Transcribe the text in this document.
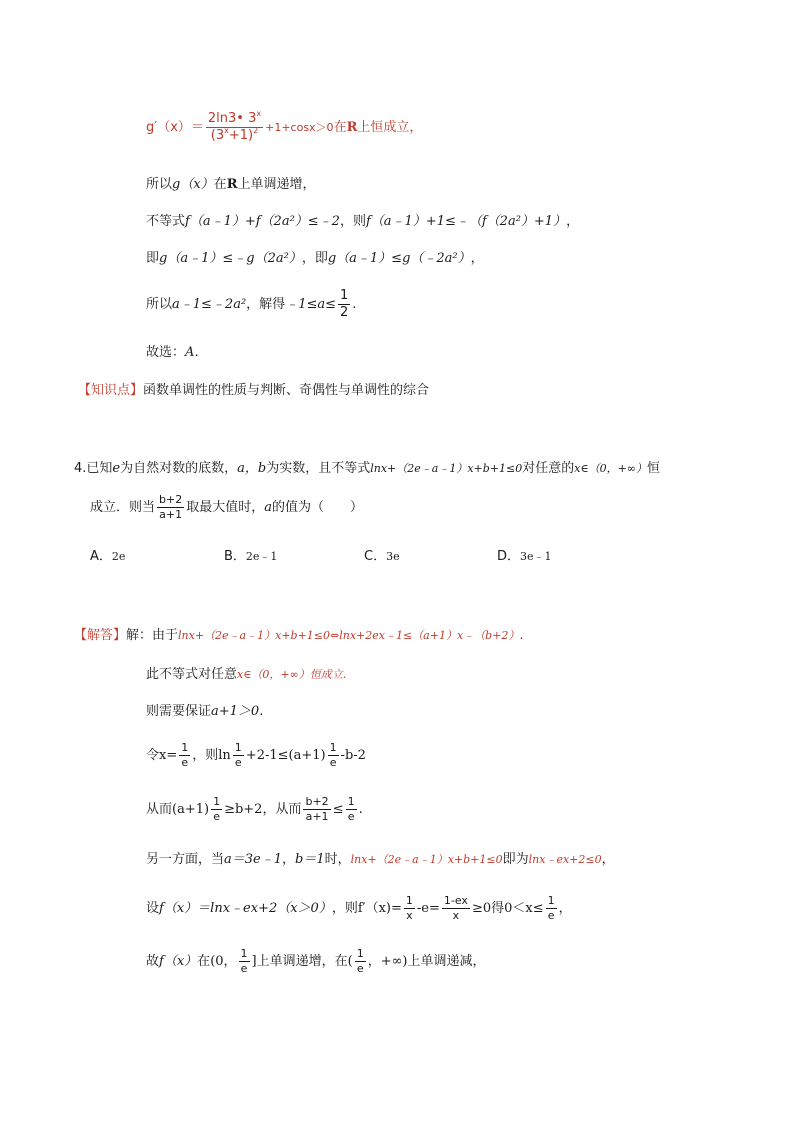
$g'(x)= \frac{2\ln 3• 3^x}{(3^x+1)^2} +1+\cos x>0$ 在 R 上恒成立，
所以 g（x） 在 R 上单调递增，
不等式 f（a﹣1）+f（2a²）≤﹣2 ，则 f（a﹣1）+1≤﹣（f（2a²）+1） ，
即 g（a﹣1）≤﹣g（2a²） ，即 g（a﹣1）≤g（﹣2a²） ，
所以 a﹣1≤﹣2a² ，解得 ﹣1≤a≤ $\frac{1}{2}$ .
故选： A．
【知识点】 函数单调性的性质与判断、奇偶性与单调性的综合
4. 已知 e 为自然对数的底数， a，b 为实数，且不等式 lnx+（2e﹣a﹣1）x+b+1≤0 对任意的 x∈（0，+∞） 恒
成立．则当 $\frac{b+2}{a+1}$ 取最大值时， a 的值为（　　）
A． 2e	B． 2e﹣1	C． 3e	D． 3e﹣1
【解答】 解：由于 lnx+（2e﹣a﹣1）x+b+1≤0⇔lnx+2ex﹣1≤（a+1）x﹣（b+2） .
此不等式对任意 x∈（0，+∞）恒成立.
则需要保证 a+1＞0 .
令 $x= \frac{1}{e}$ ，则 $\ln \frac{1}{e} +2-1\le(a+1) \frac{1}{e} -b-2$
从而 $(a+1) \frac{1}{e} \ge b+2$ ，从而 $\frac{b+2}{a+1} \le \frac{1}{e}$ .
另一方面，当 a＝3e﹣1 ， b＝1 时， lnx+（2e﹣a﹣1）x+b+1≤0 即为 lnx﹣ex+2≤0 ，
设 f（x）＝lnx﹣ex+2（x＞0） ，则 $f'(x)= \frac{1}{x} -e= \frac{1-ex}{x} \ge 0$ 得 $0<x\le \frac{1}{e}$ ，
故 f（x） 在 (0， $\frac{1}{e}$ ] 上单调递增，在 ( $\frac{1}{e}$ ，+∞) 上单调递减，
